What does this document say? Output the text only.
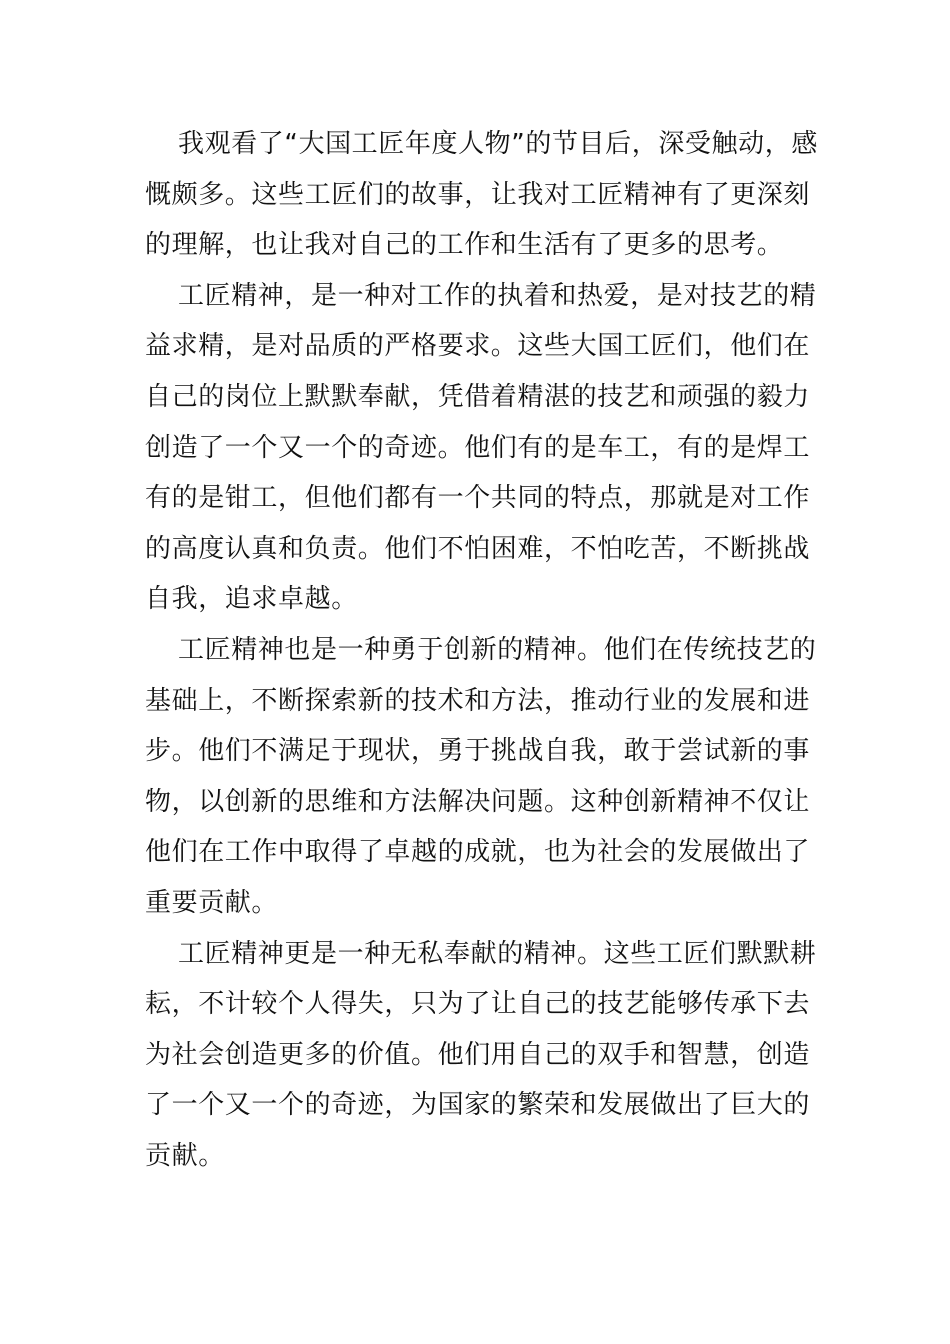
我观看了“大国工匠年度人物”的节目后，深受触动，感
慨颇多。这些工匠们的故事，让我对工匠精神有了更深刻
的理解，也让我对自己的工作和生活有了更多的思考。
工匠精神，是一种对工作的执着和热爱，是对技艺的精
益求精，是对品质的严格要求。这些大国工匠们，他们在
自己的岗位上默默奉献，凭借着精湛的技艺和顽强的毅力
创造了一个又一个的奇迹。他们有的是车工，有的是焊工
有的是钳工，但他们都有一个共同的特点，那就是对工作
的高度认真和负责。他们不怕困难，不怕吃苦，不断挑战
自我，追求卓越。
工匠精神也是一种勇于创新的精神。他们在传统技艺的
基础上，不断探索新的技术和方法，推动行业的发展和进
步。他们不满足于现状，勇于挑战自我，敢于尝试新的事
物，以创新的思维和方法解决问题。这种创新精神不仅让
他们在工作中取得了卓越的成就，也为社会的发展做出了
重要贡献。
工匠精神更是一种无私奉献的精神。这些工匠们默默耕
耘，不计较个人得失，只为了让自己的技艺能够传承下去
为社会创造更多的价值。他们用自己的双手和智慧，创造
了一个又一个的奇迹，为国家的繁荣和发展做出了巨大的
贡献。
